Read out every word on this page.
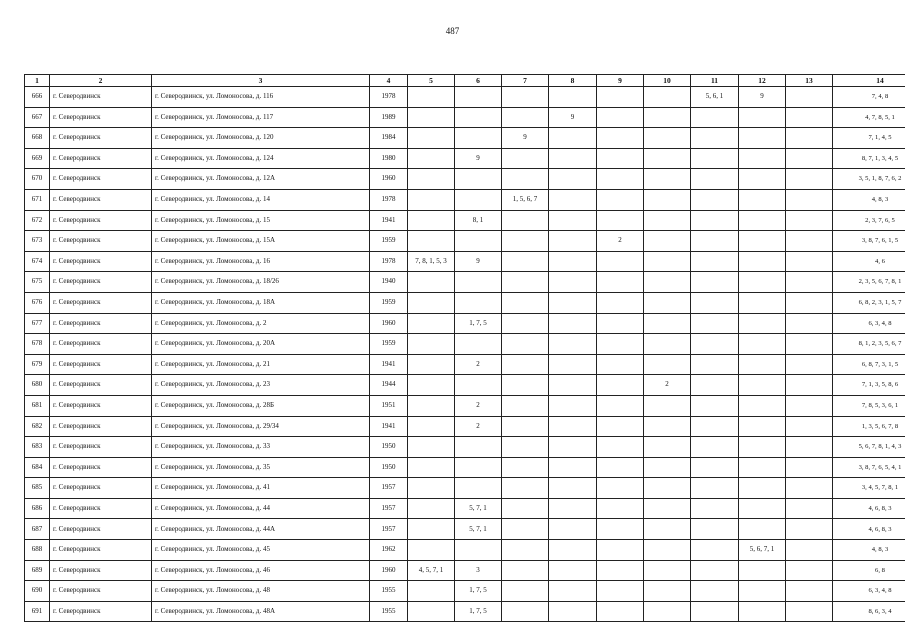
487
1	2	3	4	5	6	7	8	9	10	11	12	13	14
666	г. Северодвинск	г. Северодвинск, ул. Ломоносова, д. 116	1978							5, 6, 1	9		7, 4, 8
667	г. Северодвинск	г. Северодвинск, ул. Ломоносова, д. 117	1989				9						4, 7, 8, 5, 1
668	г. Северодвинск	г. Северодвинск, ул. Ломоносова, д. 120	1984			9							7, 1, 4, 5
669	г. Северодвинск	г. Северодвинск, ул. Ломоносова, д. 124	1980		9								8, 7, 1, 3, 4, 5
670	г. Северодвинск	г. Северодвинск, ул. Ломоносова, д. 12А	1960										3, 5, 1, 8, 7, 6, 2
671	г. Северодвинск	г. Северодвинск, ул. Ломоносова, д. 14	1978			1, 5, 6, 7							4, 8, 3
672	г. Северодвинск	г. Северодвинск, ул. Ломоносова, д. 15	1941		8, 1								2, 3, 7, 6, 5
673	г. Северодвинск	г. Северодвинск, ул. Ломоносова, д. 15А	1959					2					3, 8, 7, 6, 1, 5
674	г. Северодвинск	г. Северодвинск, ул. Ломоносова, д. 16	1978	7, 8, 1, 5, 3	9								4, 6
675	г. Северодвинск	г. Северодвинск, ул. Ломоносова, д. 18/26	1940										2, 3, 5, 6, 7, 8, 1
676	г. Северодвинск	г. Северодвинск, ул. Ломоносова, д. 18А	1959										6, 8, 2, 3, 1, 5, 7
677	г. Северодвинск	г. Северодвинск, ул. Ломоносова, д. 2	1960		1, 7, 5								6, 3, 4, 8
678	г. Северодвинск	г. Северодвинск, ул. Ломоносова, д. 20А	1959										8, 1, 2, 3, 5, 6, 7
679	г. Северодвинск	г. Северодвинск, ул. Ломоносова, д. 21	1941		2								6, 8, 7, 3, 1, 5
680	г. Северодвинск	г. Северодвинск, ул. Ломоносова, д. 23	1944						2				7, 1, 3, 5, 8, 6
681	г. Северодвинск	г. Северодвинск, ул. Ломоносова, д. 28Б	1951		2								7, 8, 5, 3, 6, 1
682	г. Северодвинск	г. Северодвинск, ул. Ломоносова, д. 29/34	1941		2								1, 3, 5, 6, 7, 8
683	г. Северодвинск	г. Северодвинск, ул. Ломоносова, д. 33	1950										5, 6, 7, 8, 1, 4, 3
684	г. Северодвинск	г. Северодвинск, ул. Ломоносова, д. 35	1950										3, 8, 7, 6, 5, 4, 1
685	г. Северодвинск	г. Северодвинск, ул. Ломоносова, д. 41	1957										3, 4, 5, 7, 8, 1
686	г. Северодвинск	г. Северодвинск, ул. Ломоносова, д. 44	1957		5, 7, 1								4, 6, 8, 3
687	г. Северодвинск	г. Северодвинск, ул. Ломоносова, д. 44А	1957		5, 7, 1								4, 6, 8, 3
688	г. Северодвинск	г. Северодвинск, ул. Ломоносова, д. 45	1962								5, 6, 7, 1		4, 8, 3
689	г. Северодвинск	г. Северодвинск, ул. Ломоносова, д. 46	1960	4, 5, 7, 1	3								6, 8
690	г. Северодвинск	г. Северодвинск, ул. Ломоносова, д. 48	1955		1, 7, 5								6, 3, 4, 8
691	г. Северодвинск	г. Северодвинск, ул. Ломоносова, д. 48А	1955		1, 7, 5								8, 6, 3, 4
